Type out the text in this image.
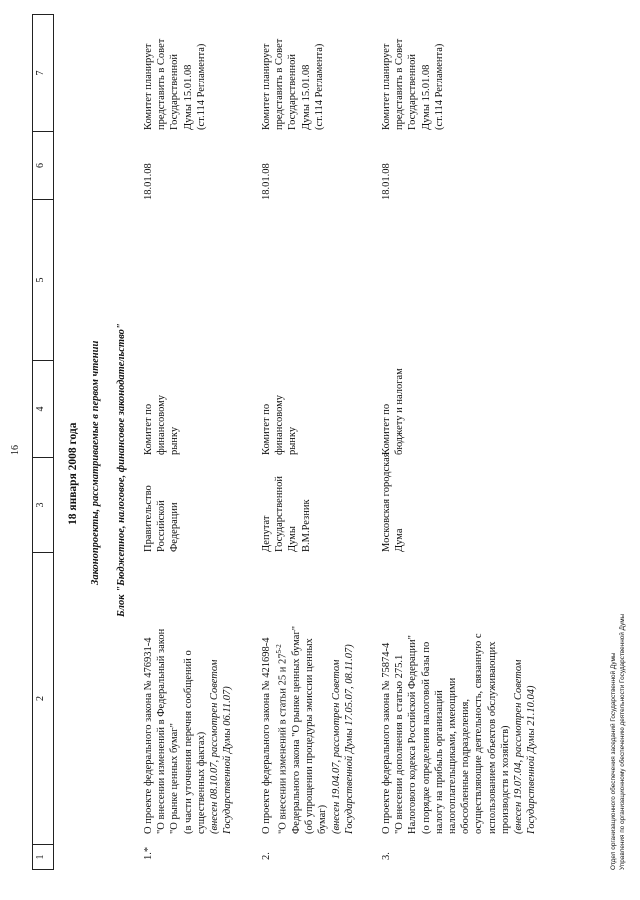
16
1
2
3
4
5
6
7
18 января 2008 года Законопроекты, рассматриваемые в первом чтении Блок "Бюджетное, налоговое, финансовое законодательство"
1.*
О проекте федерального закона № 476931-4 "О внесении изменений в Федеральный закон "О рынке ценных бумаг" (в части уточнения перечня сообщений о существенных фактах) (внесен 08.10.07, рассмотрен Советом Государственной Думы 06.11.07)
Правительство Российской Федерации
Комитет по финансовому рынку
18.01.08
Комитет планирует представить в Совет Государственной Думы 15.01.08 (ст.114 Регламента)
2.
О проекте федерального закона № 421698-4 "О внесении изменений в статьи 25 и 27$^{5-2}$ Федерального закона "О рынке ценных бумаг" (об упрощении процедуры эмиссии ценных бумаг) (внесен 19.04.07, рассмотрен Советом Государственной Думы 17.05.07, 08.11.07)
Депутат Государственной Думы В.М.Резник
Комитет по финансовому рынку
18.01.08
Комитет планирует представить в Совет Государственной Думы 15.01.08 (ст.114 Регламента)
3.
О проекте федерального закона № 75874-4 "О внесении дополнения в статью 275.1 Налогового кодекса Российской Федерации" (о порядке определения налоговой базы по налогу на прибыль организаций налогоплательщиками, имеющими обособленные подразделения, осуществляющие деятельность, связанную с использованием объектов обслуживающих производств и хозяйств) (внесен 19.07.04, рассмотрен Советом Государственной Думы 21.10.04)
Московская городская Дума
Комитет по бюджету и налогам
18.01.08
Комитет планирует представить в Совет Государственной Думы 15.01.08 (ст.114 Регламента)
Отдел организационного обеспечения заседаний Государственной Думы Управления по организационному обеспечению деятельности Государственной Думы
